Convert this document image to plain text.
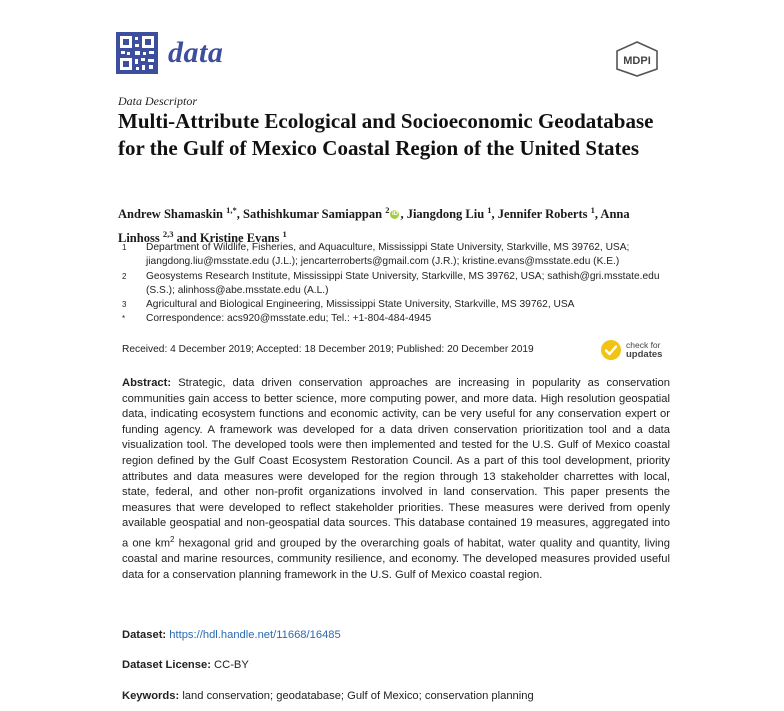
data	MDPI
Data Descriptor
Multi-Attribute Ecological and Socioeconomic Geodatabase for the Gulf of Mexico Coastal Region of the United States
Andrew Shamaskin $^{1,*}$, Sathishkumar Samiappan $^2$ iD , Jiangdong Liu $^1$, Jennifer Roberts $^1$, Anna Linhoss $^{2,3}$ and Kristine Evans $^1$
1	Department of Wildlife, Fisheries, and Aquaculture, Mississippi State University, Starkville, MS 39762, USA; jiangdong.liu@msstate.edu (J.L.); jencarterroberts@gmail.com (J.R.); kristine.evans@msstate.edu (K.E.)
2	Geosystems Research Institute, Mississippi State University, Starkville, MS 39762, USA; sathish@gri.msstate.edu (S.S.); alinhoss@abe.msstate.edu (A.L.)
3	Agricultural and Biological Engineering, Mississippi State University, Starkville, MS 39762, USA
*	Correspondence: acs920@msstate.edu; Tel.: +1-804-484-4945
Received: 4 December 2019; Accepted: 18 December 2019; Published: 20 December 2019	check for
updates
Abstract: Strategic, data driven conservation approaches are increasing in popularity as conservation communities gain access to better science, more computing power, and more data. High resolution geospatial data, indicating ecosystem functions and economic activity, can be very useful for any conservation expert or funding agency. A framework was developed for a data driven conservation prioritization tool and a data visualization tool. The developed tools were then implemented and tested for the U.S. Gulf of Mexico coastal region defined by the Gulf Coast Ecosystem Restoration Council. As a part of this tool development, priority attributes and data measures were developed for the region through 13 stakeholder charrettes with local, state, federal, and other non-profit organizations involved in land conservation. This paper presents the measures that were developed to reflect stakeholder priorities. These measures were derived from openly available geospatial and non-geospatial data sources. This database contained 19 measures, aggregated into a one $km^2$ hexagonal grid and grouped by the overarching goals of habitat, water quality and quantity, living coastal and marine resources, community resilience, and economy. The developed measures provided useful data for a conservation planning framework in the U.S. Gulf of Mexico coastal region.
Dataset: https://hdl.handle.net/11668/16485
Dataset License: CC-BY
Keywords: land conservation; geodatabase; Gulf of Mexico; conservation planning
